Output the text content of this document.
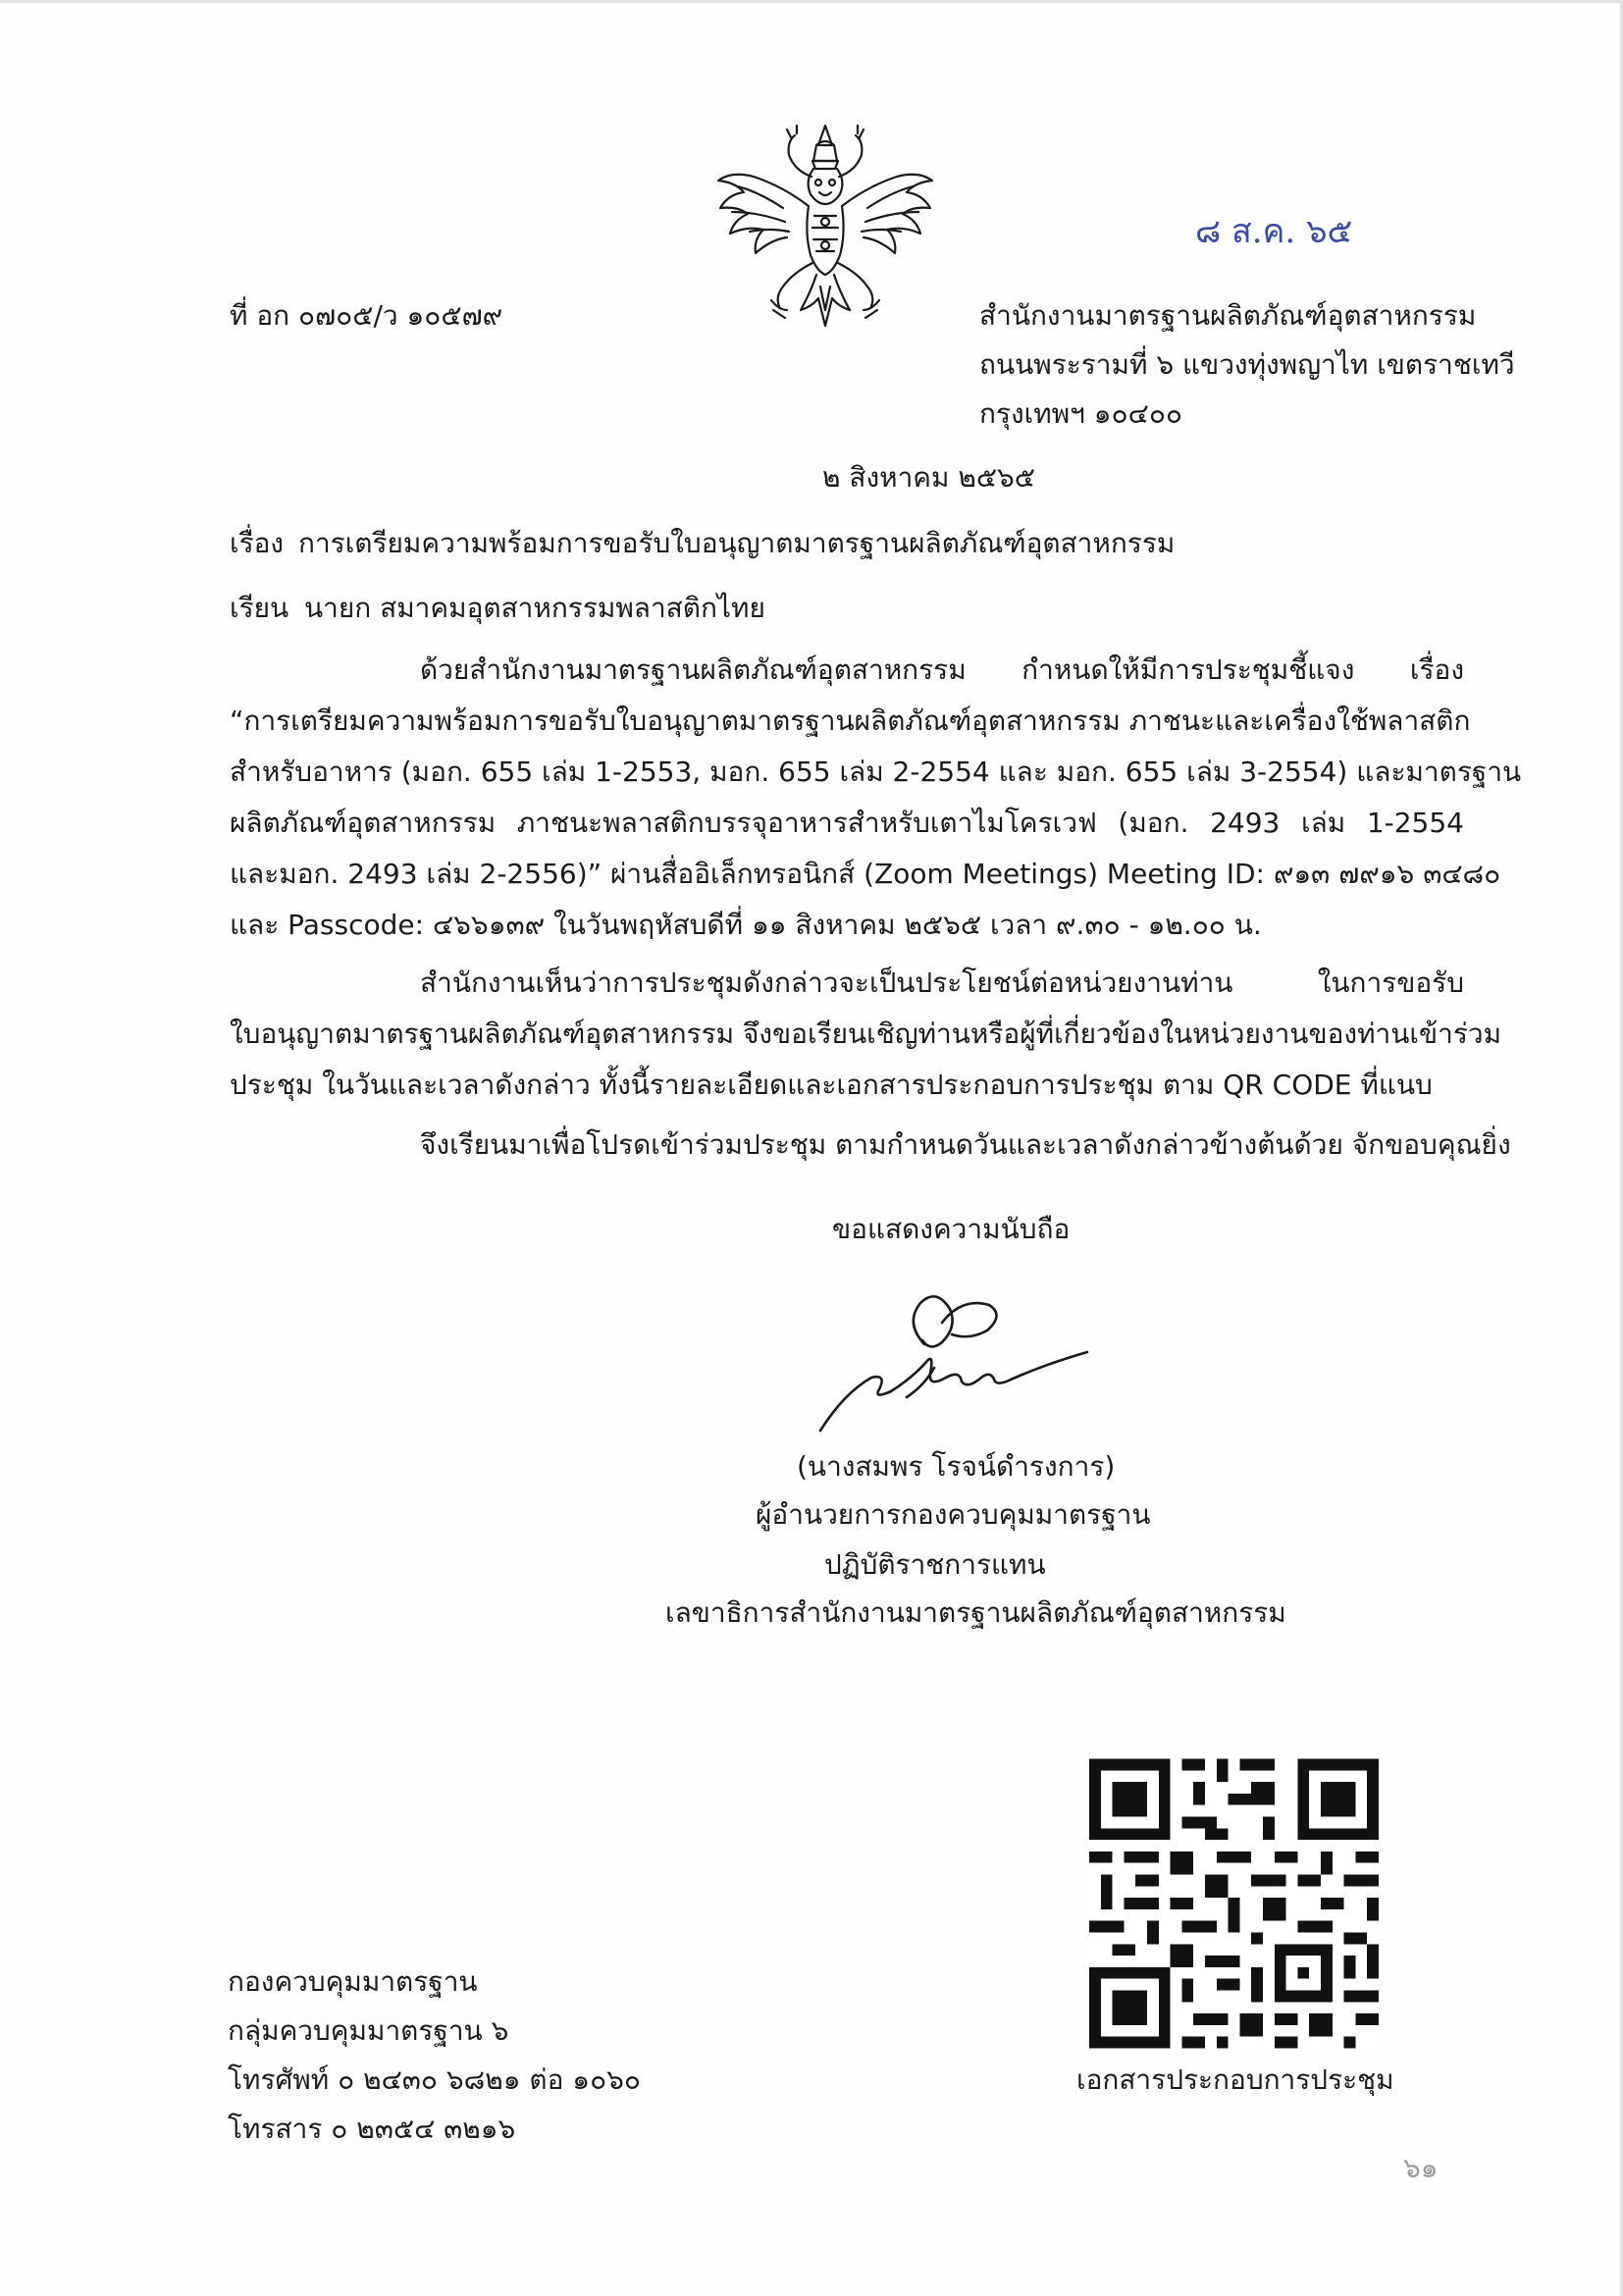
๘ ส.ค. ๖๕
ที่ อก ๐๗๐๕/ว ๑๐๕๗๙	สำนักงานมาตรฐานผลิตภัณฑ์อุตสาหกรรม
ถนนพระรามที่ ๖ แขวงทุ่งพญาไท เขตราชเทวี
กรุงเทพฯ ๑๐๔๐๐
๒ สิงหาคม ๒๕๖๕
เรื่อง การเตรียมความพร้อมการขอรับใบอนุญาตมาตรฐานผลิตภัณฑ์อุตสาหกรรม
เรียน นายก สมาคมอุตสาหกรรมพลาสติกไทย
ด้วยสำนักงานมาตรฐานผลิตภัณฑ์อุตสาหกรรม กำหนดให้มีการประชุมชี้แจง เรื่อง
“การเตรียมความพร้อมการขอรับใบอนุญาตมาตรฐานผลิตภัณฑ์อุตสาหกรรม ภาชนะและเครื่องใช้พลาสติก
สำหรับอาหาร (มอก. 655 เล่ม 1-2553, มอก. 655 เล่ม 2-2554 และ มอก. 655 เล่ม 3-2554) และมาตรฐาน
ผลิตภัณฑ์อุตสาหกรรม ภาชนะพลาสติกบรรจุอาหารสำหรับเตาไมโครเวฟ (มอก. 2493 เล่ม 1-2554
และมอก. 2493 เล่ม 2-2556)” ผ่านสื่ออิเล็กทรอนิกส์ (Zoom Meetings) Meeting ID: ๙๑๓ ๗๙๑๖ ๓๔๘๐
และ Passcode: ๔๖๖๑๓๙ ในวันพฤหัสบดีที่ ๑๑ สิงหาคม ๒๕๖๕ เวลา ๙.๓๐ - ๑๒.๐๐ น.
สำนักงานเห็นว่าการประชุมดังกล่าวจะเป็นประโยชน์ต่อหน่วยงานท่าน ในการขอรับ
ใบอนุญาตมาตรฐานผลิตภัณฑ์อุตสาหกรรม จึงขอเรียนเชิญท่านหรือผู้ที่เกี่ยวข้องในหน่วยงานของท่านเข้าร่วม
ประชุม ในวันและเวลาดังกล่าว ทั้งนี้รายละเอียดและเอกสารประกอบการประชุม ตาม QR CODE ที่แนบ
จึงเรียนมาเพื่อโปรดเข้าร่วมประชุม ตามกำหนดวันและเวลาดังกล่าวข้างต้นด้วย จักขอบคุณยิ่ง
ขอแสดงความนับถือ
(นางสมพร โรจน์ดำรงการ)
ผู้อำนวยการกองควบคุมมาตรฐาน
ปฏิบัติราชการแทน
เลขาธิการสำนักงานมาตรฐานผลิตภัณฑ์อุตสาหกรรม
กองควบคุมมาตรฐาน
กลุ่มควบคุมมาตรฐาน ๖
โทรศัพท์ ๐ ๒๔๓๐ ๖๘๒๑ ต่อ ๑๐๖๐
โทรสาร ๐ ๒๓๕๔ ๓๒๑๖
เอกสารประกอบการประชุม
๖๑
